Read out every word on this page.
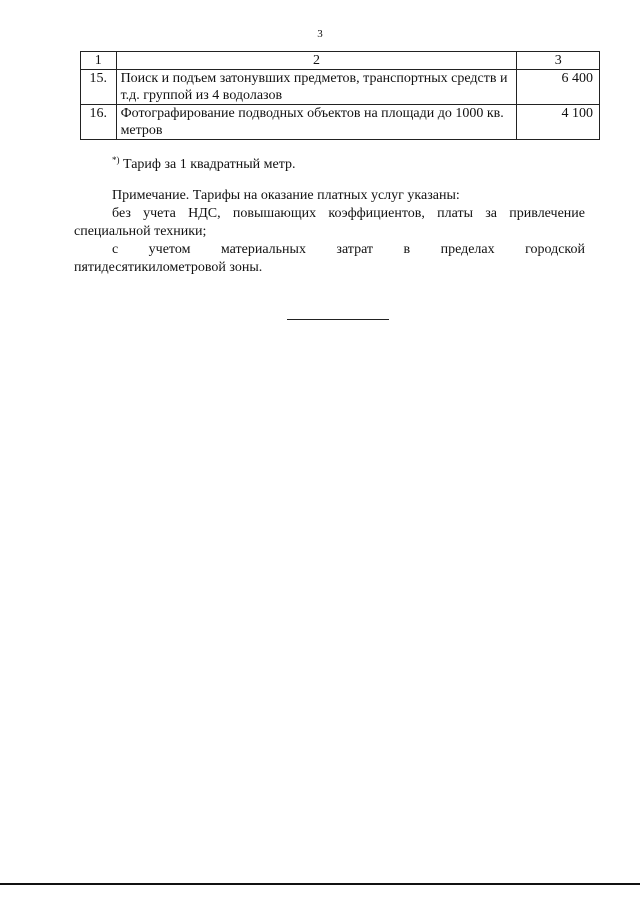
3
1	2	3
15.	Поиск и подъем затонувших предметов, транспортных средств и т.д. группой из 4 водолазов	6 400
16.	Фотографирование подводных объектов на площади до 1000 кв. метров	4 100
*) Тариф за 1 квадратный метр.

Примечание. Тарифы на оказание платных услуг указаны:

без учета НДС, повышающих коэффициентов, платы за привлечение
специальной техники;
с учетом материальных затрат в пределах городской
пятидесятикилометровой зоны.
